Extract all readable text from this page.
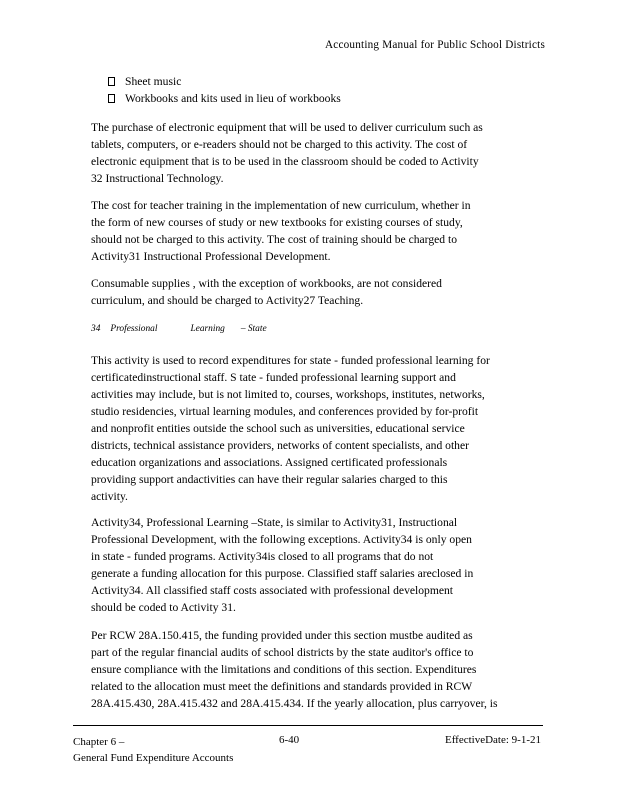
Accounting Manual for Public School Districts
Sheet music
Workbooks and kits used in lieu of workbooks
The purchase of electronic equipment that will be used to deliver curriculum such as
tablets, computers, or e-readers should not be charged to this activity. The cost of
electronic equipment that is to be used in the classroom should be coded to Activity
32 Instructional Technology.
The cost for teacher training in the implementation of new curriculum, whether in
the form of new courses of study or new textbooks for existing courses of study,
should not be charged to this activity. The cost of training should be charged to
Activity31 Instructional Professional Development.
Consumable supplies , with the exception of workbooks, are not considered
curriculum, and should be charged to Activity27 Teaching.
34 Professional	Learning – State
This activity is used to record expenditures for state - funded professional learning for
certificatedinstructional staff. S tate - funded professional learning support and
activities may include, but is not limited to, courses, workshops, institutes, networks,
studio residencies, virtual learning modules, and conferences provided by for-profit
and nonprofit entities outside the school such as universities, educational service
districts, technical assistance providers, networks of content specialists, and other
education organizations and associations. Assigned certificated professionals
providing support andactivities can have their regular salaries charged to this
activity.
Activity34, Professional Learning –State, is similar to Activity31, Instructional
Professional Development, with the following exceptions. Activity34 is only open
in state - funded programs. Activity34is closed to all programs that do not
generate a funding allocation for this purpose. Classified staff salaries areclosed in
Activity34. All classified staff costs associated with professional development
should be coded to Activity 31.
Per RCW 28A.150.415, the funding provided under this section mustbe audited as
part of the regular financial audits of school districts by the state auditor's office to
ensure compliance with the limitations and conditions of this section. Expenditures
related to the allocation must meet the definitions and standards provided in RCW
28A.415.430, 28A.415.432 and 28A.415.434. If the yearly allocation, plus carryover, is
Chapter 6 –
General Fund Expenditure Accounts
6-40	EffectiveDate: 9-1-21
